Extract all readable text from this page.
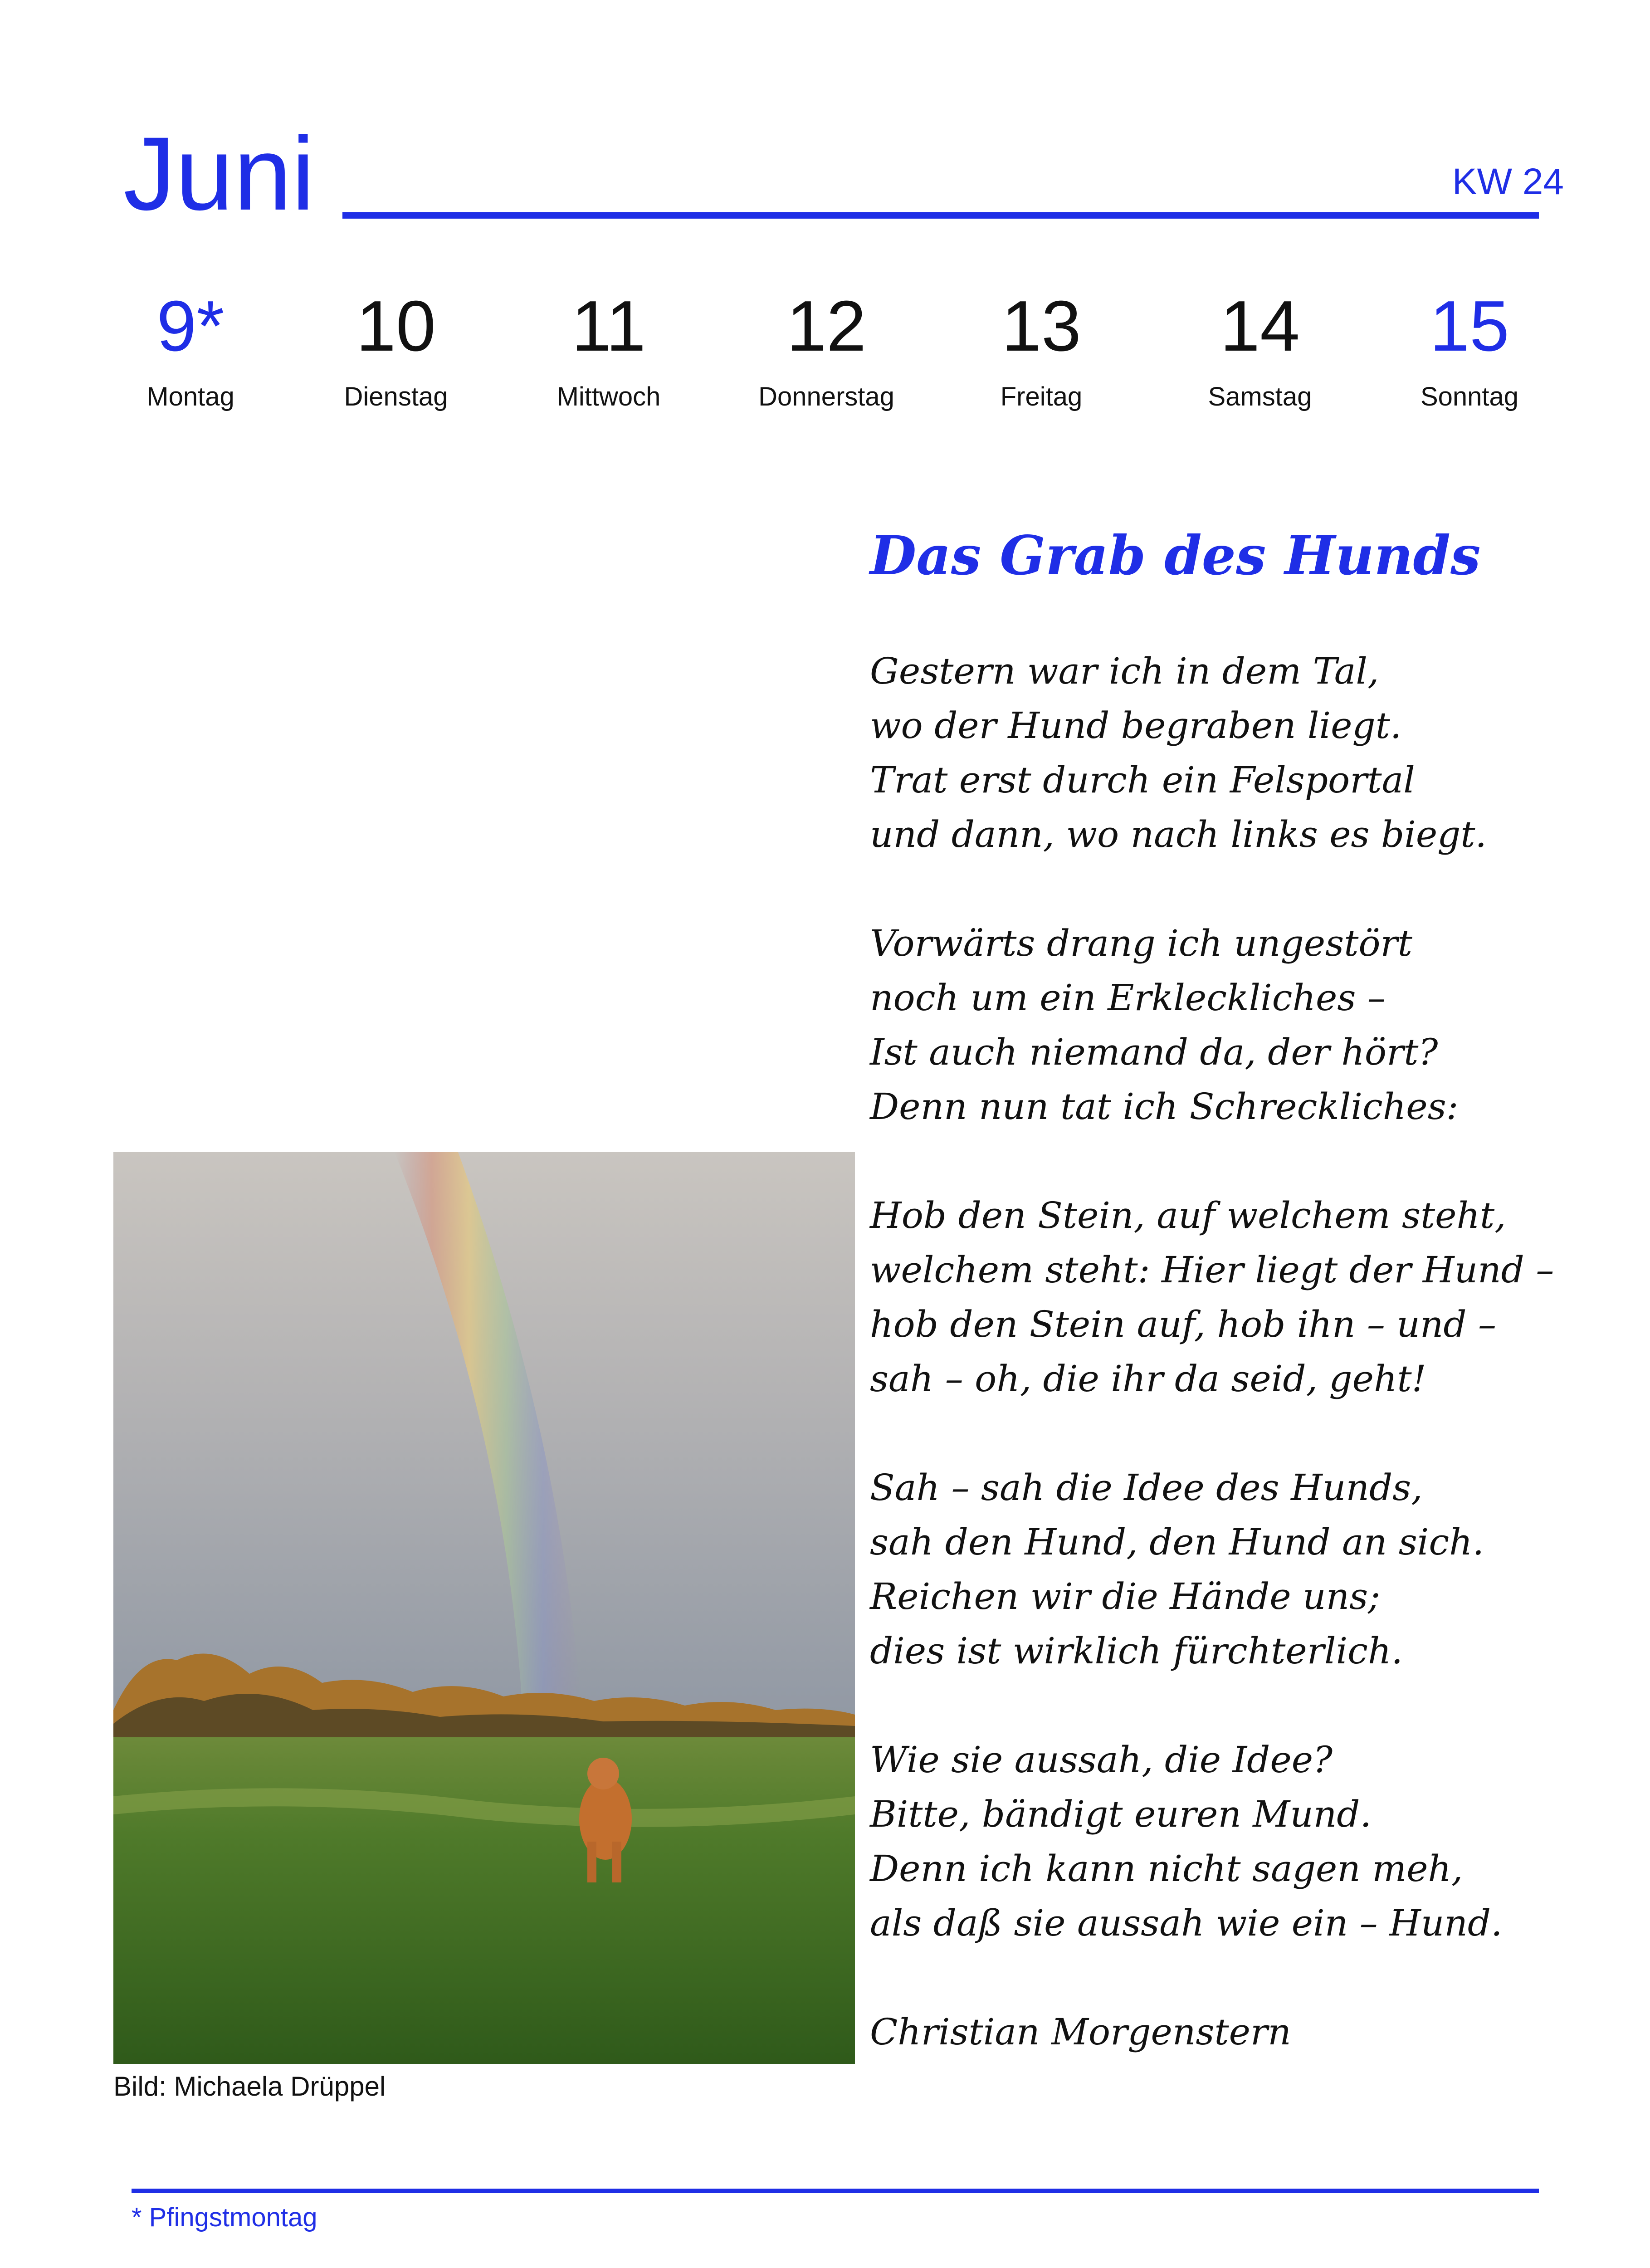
Juni	KW 24
9*
Montag
10
Dienstag
11
Mittwoch
12
Donnerstag
13
Freitag
14
Samstag
15
Sonntag
Bild: Michaela Drüppel
Das Grab des Hunds
Gestern war ich in dem Tal,
wo der Hund begraben liegt.
Trat erst durch ein Felsportal
und dann, wo nach links es biegt.
Vorwärts drang ich ungestört
noch um ein Erkleckliches –
Ist auch niemand da, der hört?
Denn nun tat ich Schreckliches:
Hob den Stein, auf welchem steht,
welchem steht: Hier liegt der Hund –
hob den Stein auf, hob ihn – und –
sah – oh, die ihr da seid, geht!
Sah – sah die Idee des Hunds,
sah den Hund, den Hund an sich.
Reichen wir die Hände uns;
dies ist wirklich fürchterlich.
Wie sie aussah, die Idee?
Bitte, bändigt euren Mund.
Denn ich kann nicht sagen meh,
als daß sie aussah wie ein – Hund.
Christian Morgenstern
* Pfingstmontag
